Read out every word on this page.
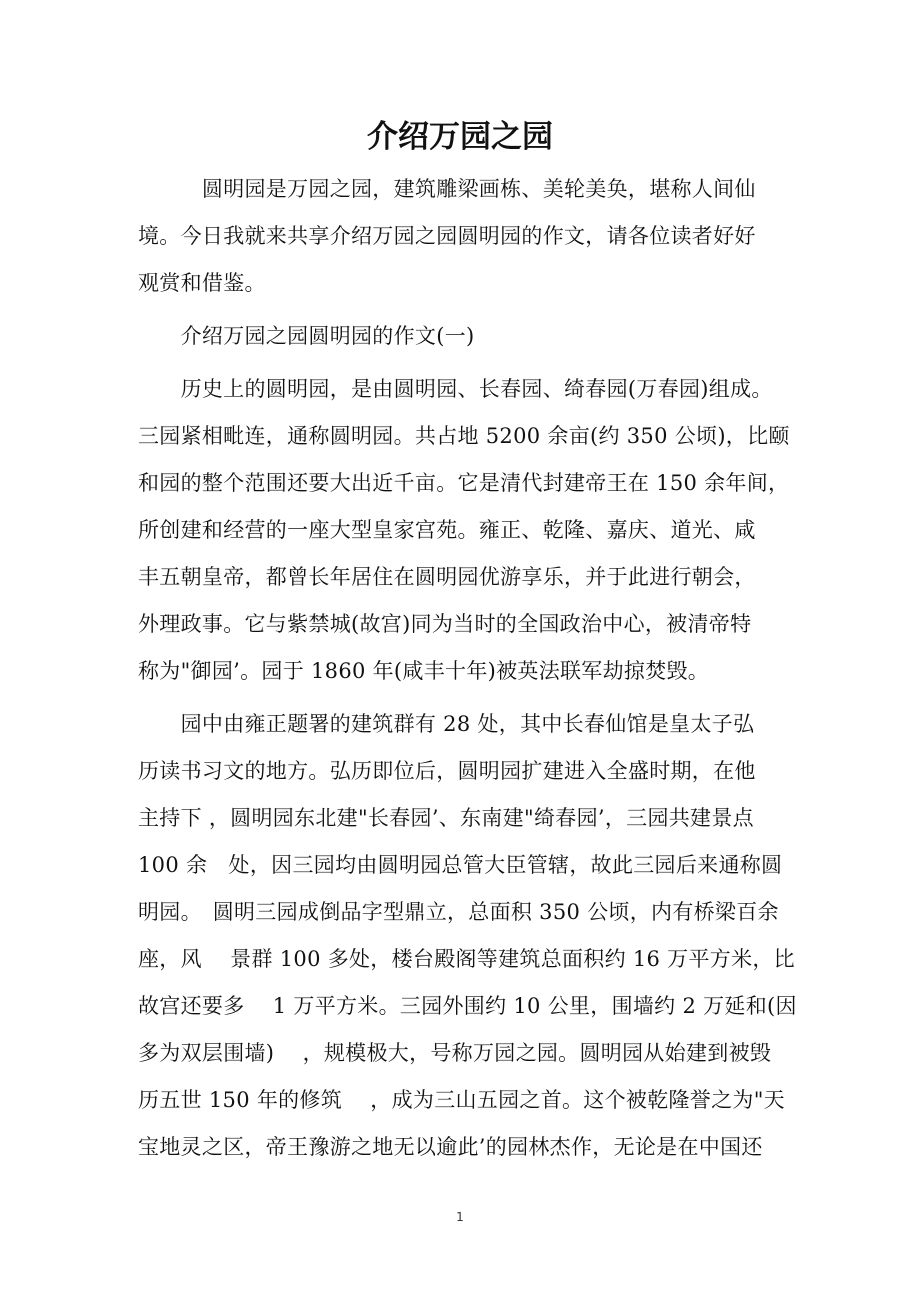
介绍万园之园

　　　圆明园是万园之园，建筑雕梁画栋、美轮美奂，堪称人间仙
境。今日我就来共享介绍万园之园圆明园的作文，请各位读者好好
观赏和借鉴。

　　介绍万园之园圆明园的作文(一)

　　历史上的圆明园，是由圆明园、长春园、绮春园(万春园)组成。
三园紧相毗连，通称圆明园。共占地 5200 余亩(约 350 公顷)，比颐
和园的整个范围还要大出近千亩。它是清代封建帝王在 150 余年间，
所创建和经营的一座大型皇家宫苑。雍正、乾隆、嘉庆、道光、咸
丰五朝皇帝，都曾长年居住在圆明园优游享乐，并于此进行朝会，
外理政事。它与紫禁城(故宫)同为当时的全国政治中心，被清帝特
称为"御园’。园于 1860 年(咸丰十年)被英法联军劫掠焚毁。

　　园中由雍正题署的建筑群有 28 处，其中长春仙馆是皇太子弘
历读书习文的地方。弘历即位后，圆明园扩建进入全盛时期，在他
主持下 ，圆明园东北建"长春园’、东南建"绮春园’，三园共建景点
100 余　处，因三园均由圆明园总管大臣管辖，故此三园后来通称圆
明园。　圆明三园成倒品字型鼎立，总面积 350 公顷，内有桥梁百余
座，风　 景群 100 多处，楼台殿阁等建筑总面积约 16 万平方米，比
故宫还要多　 1 万平方米。三园外围约 10 公里，围墙约 2 万延和(因
多为双层围墙)　 ，规模极大，号称万园之园。圆明园从始建到被毁
历五世 150 年的修筑　 ，成为三山五园之首。这个被乾隆誉之为"天
宝地灵之区，帝王豫游之地无以逾此’的园林杰作，无论是在中国还

1
